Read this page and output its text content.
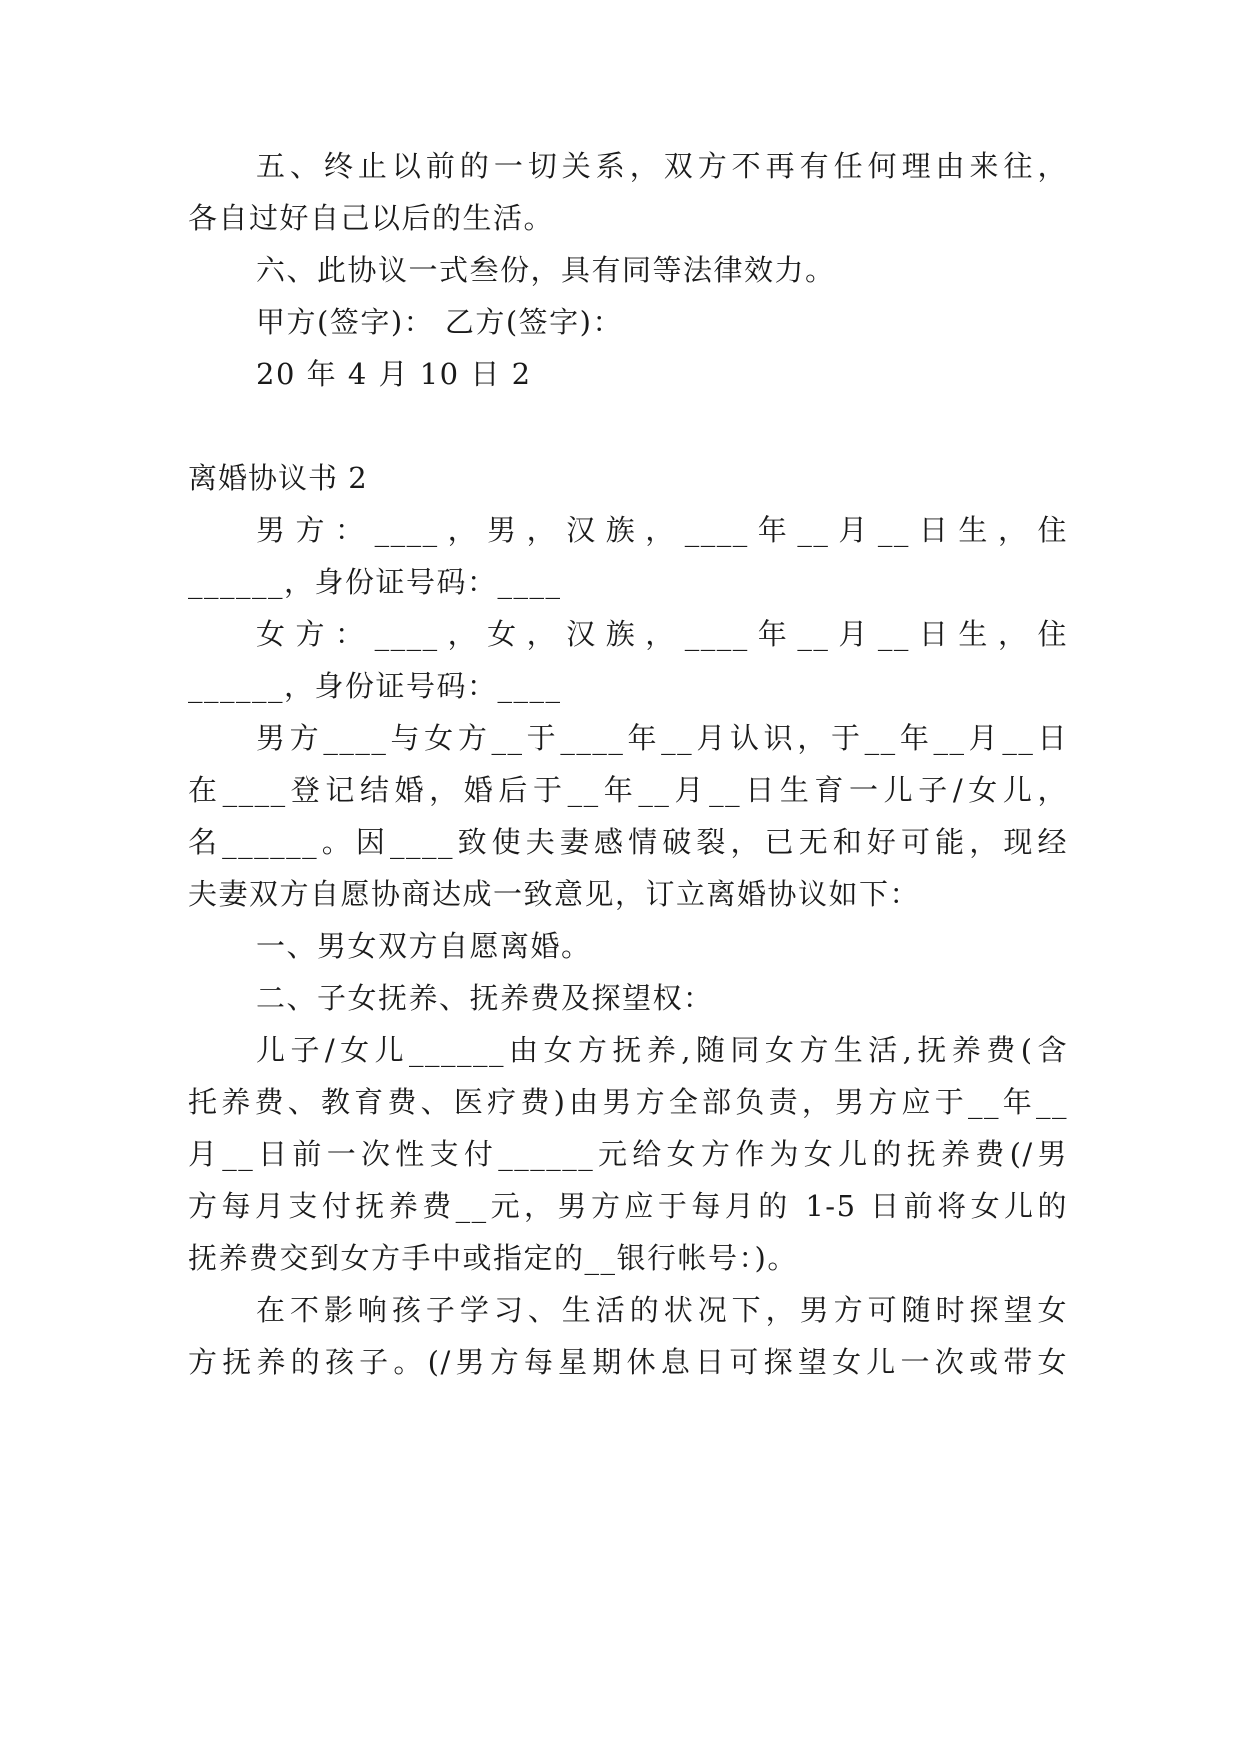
五、终止以前的一切关系，双方不再有任何理由来往，
各自过好自己以后的生活。
六、此协议一式叁份，具有同等法律效力。
甲方(签字)： 乙方(签字)：
20 年 4 月 10 日 2
离婚协议书 2
男方：____，男，汉族，____年__月__日生，住
______，身份证号码：____
女方：____，女，汉族，____年__月__日生，住
______，身份证号码：____
男方____与女方__于____年__月认识，于__年__月__日
在____登记结婚，婚后于__年__月__日生育一儿子/女儿，
名______。因____致使夫妻感情破裂，已无和好可能，现经
夫妻双方自愿协商达成一致意见，订立离婚协议如下：
一、男女双方自愿离婚。
二、子女抚养、抚养费及探望权：
儿子/女儿______由女方抚养,随同女方生活,抚养费(含
托养费、教育费、医疗费)由男方全部负责，男方应于__年__
月__日前一次性支付______元给女方作为女儿的抚养费(/男
方每月支付抚养费__元，男方应于每月的 1-5 日前将女儿的
抚养费交到女方手中或指定的__银行帐号：)。
在不影响孩子学习、生活的状况下，男方可随时探望女
方抚养的孩子。(/男方每星期休息日可探望女儿一次或带女
